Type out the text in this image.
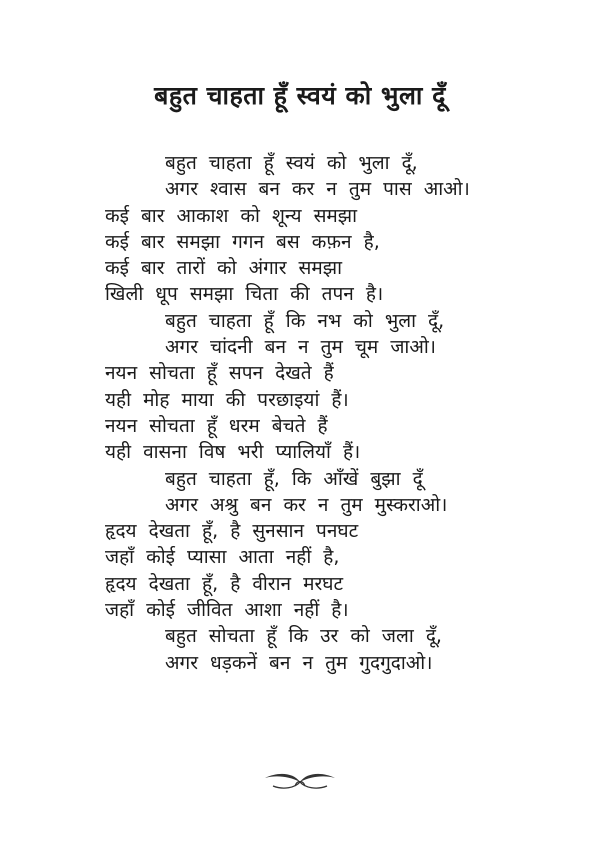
बहुत चाहता हूँ स्वयं को भुला दूँ
बहुत चाहता हूँ स्वयं को भुला दूँ,
अगर श्वास बन कर न तुम पास आओ।
कई बार आकाश को शून्य समझा
कई बार समझा गगन बस कफ़न है,
कई बार तारों को अंगार समझा
खिली धूप समझा चिता की तपन है।
बहुत चाहता हूँ कि नभ को भुला दूँ,
अगर चांदनी बन न तुम चूम जाओ।
नयन सोचता हूँ सपन देखते हैं
यही मोह माया की परछाइयां हैं।
नयन सोचता हूँ धरम बेचते हैं
यही वासना विष भरी प्यालियाँ हैं।
बहुत चाहता हूँ, कि आँखें बुझा दूँ
अगर अश्रु बन कर न तुम मुस्कराओ।
हृदय देखता हूँ, है सुनसान पनघट
जहाँ कोई प्यासा आता नहीं है,
हृदय देखता हूँ, है वीरान मरघट
जहाँ कोई जीवित आशा नहीं है।
बहुत सोचता हूँ कि उर को जला दूँ,
अगर धड़कनें बन न तुम गुदगुदाओ।
